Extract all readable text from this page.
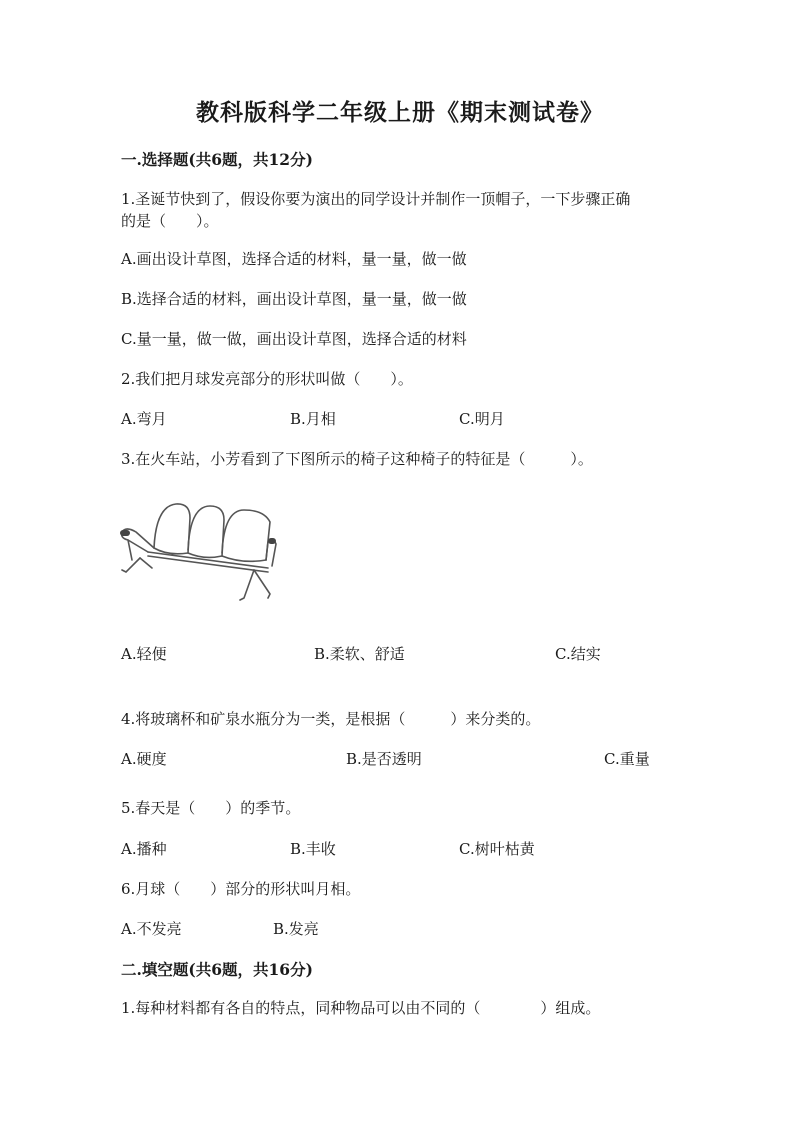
教科版科学二年级上册《期末测试卷》
一.选择题(共6题，共12分)
1.圣诞节快到了，假设你要为演出的同学设计并制作一顶帽子，一下步骤正确
的是（　　）。
A.画出设计草图，选择合适的材料，量一量，做一做
B.选择合适的材料，画出设计草图，量一量，做一做
C.量一量，做一做，画出设计草图，选择合适的材料
2.我们把月球发亮部分的形状叫做（　　）。
A.弯月	B.月相	C.明月
3.在火车站，小芳看到了下图所示的椅子这种椅子的特征是（　　　）。
A.轻便	B.柔软、舒适	C.结实
4.将玻璃杯和矿泉水瓶分为一类，是根据（　　　）来分类的。
A.硬度	B.是否透明	C.重量
5.春天是（　　）的季节。
A.播种	B.丰收	C.树叶枯黄
6.月球（　　）部分的形状叫月相。
A.不发亮	B.发亮
二.填空题(共6题，共16分)
1.每种材料都有各自的特点，同种物品可以由不同的（　　　　）组成。
